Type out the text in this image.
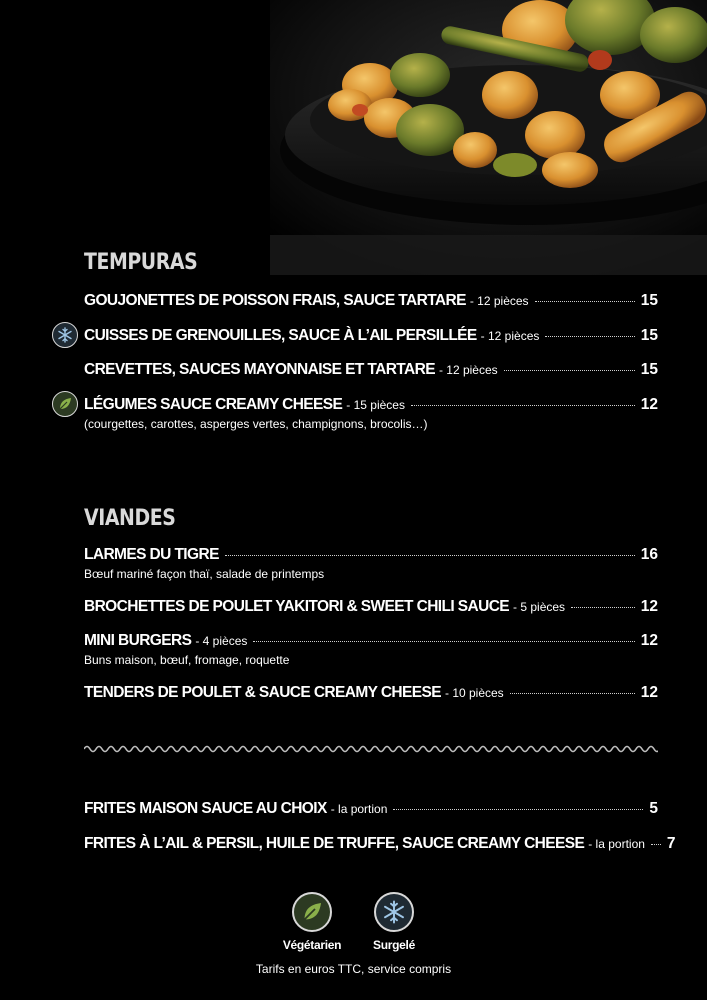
TEMPURAS
GOUJONETTES DE POISSON FRAIS, SAUCE TARTARE - 12 pièces	15
CUISSES DE GRENOUILLES, SAUCE À L’AIL PERSILLÉE - 12 pièces	15
CREVETTES, SAUCES MAYONNAISE ET TARTARE - 12 pièces	15
LÉGUMES SAUCE CREAMY CHEESE - 15 pièces	12
(courgettes, carottes, asperges vertes, champignons, brocolis…)
VIANDES
LARMES DU TIGRE	16
Bœuf mariné façon thaï, salade de printemps
BROCHETTES DE POULET YAKITORI & SWEET CHILI SAUCE - 5 pièces	12
MINI BURGERS - 4 pièces	12
Buns maison, bœuf, fromage, roquette
TENDERS DE POULET & SAUCE CREAMY CHEESE - 10 pièces	12
FRITES MAISON SAUCE AU CHOIX - la portion	5
FRITES À L’AIL & PERSIL, HUILE DE TRUFFE, SAUCE CREAMY CHEESE - la portion 7
Végétarien	Surgelé
Tarifs en euros TTC, service compris
